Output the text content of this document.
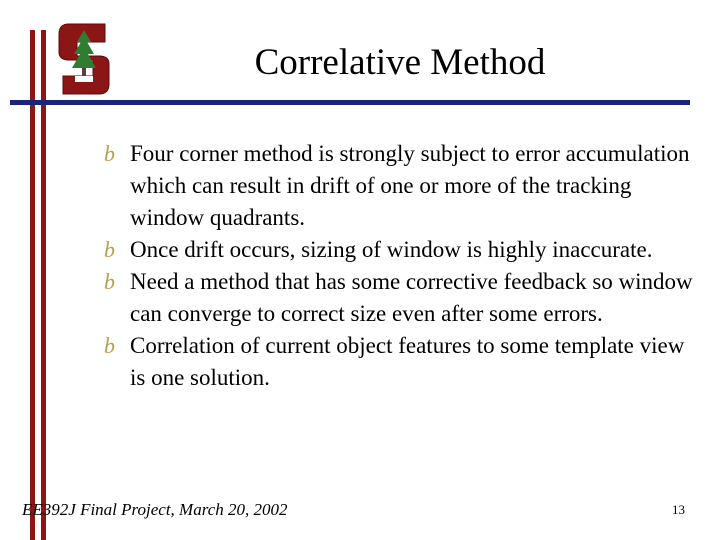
Correlative Method
b Four corner method is strongly subject to error accumulation which can result in drift of one or more of the tracking window quadrants.
b Once drift occurs, sizing of window is highly inaccurate.
b Need a method that has some corrective feedback so window can converge to correct size even after some errors.
b Correlation of current object features to some template view is one solution.
EE392J Final Project, March 20, 2002	13
